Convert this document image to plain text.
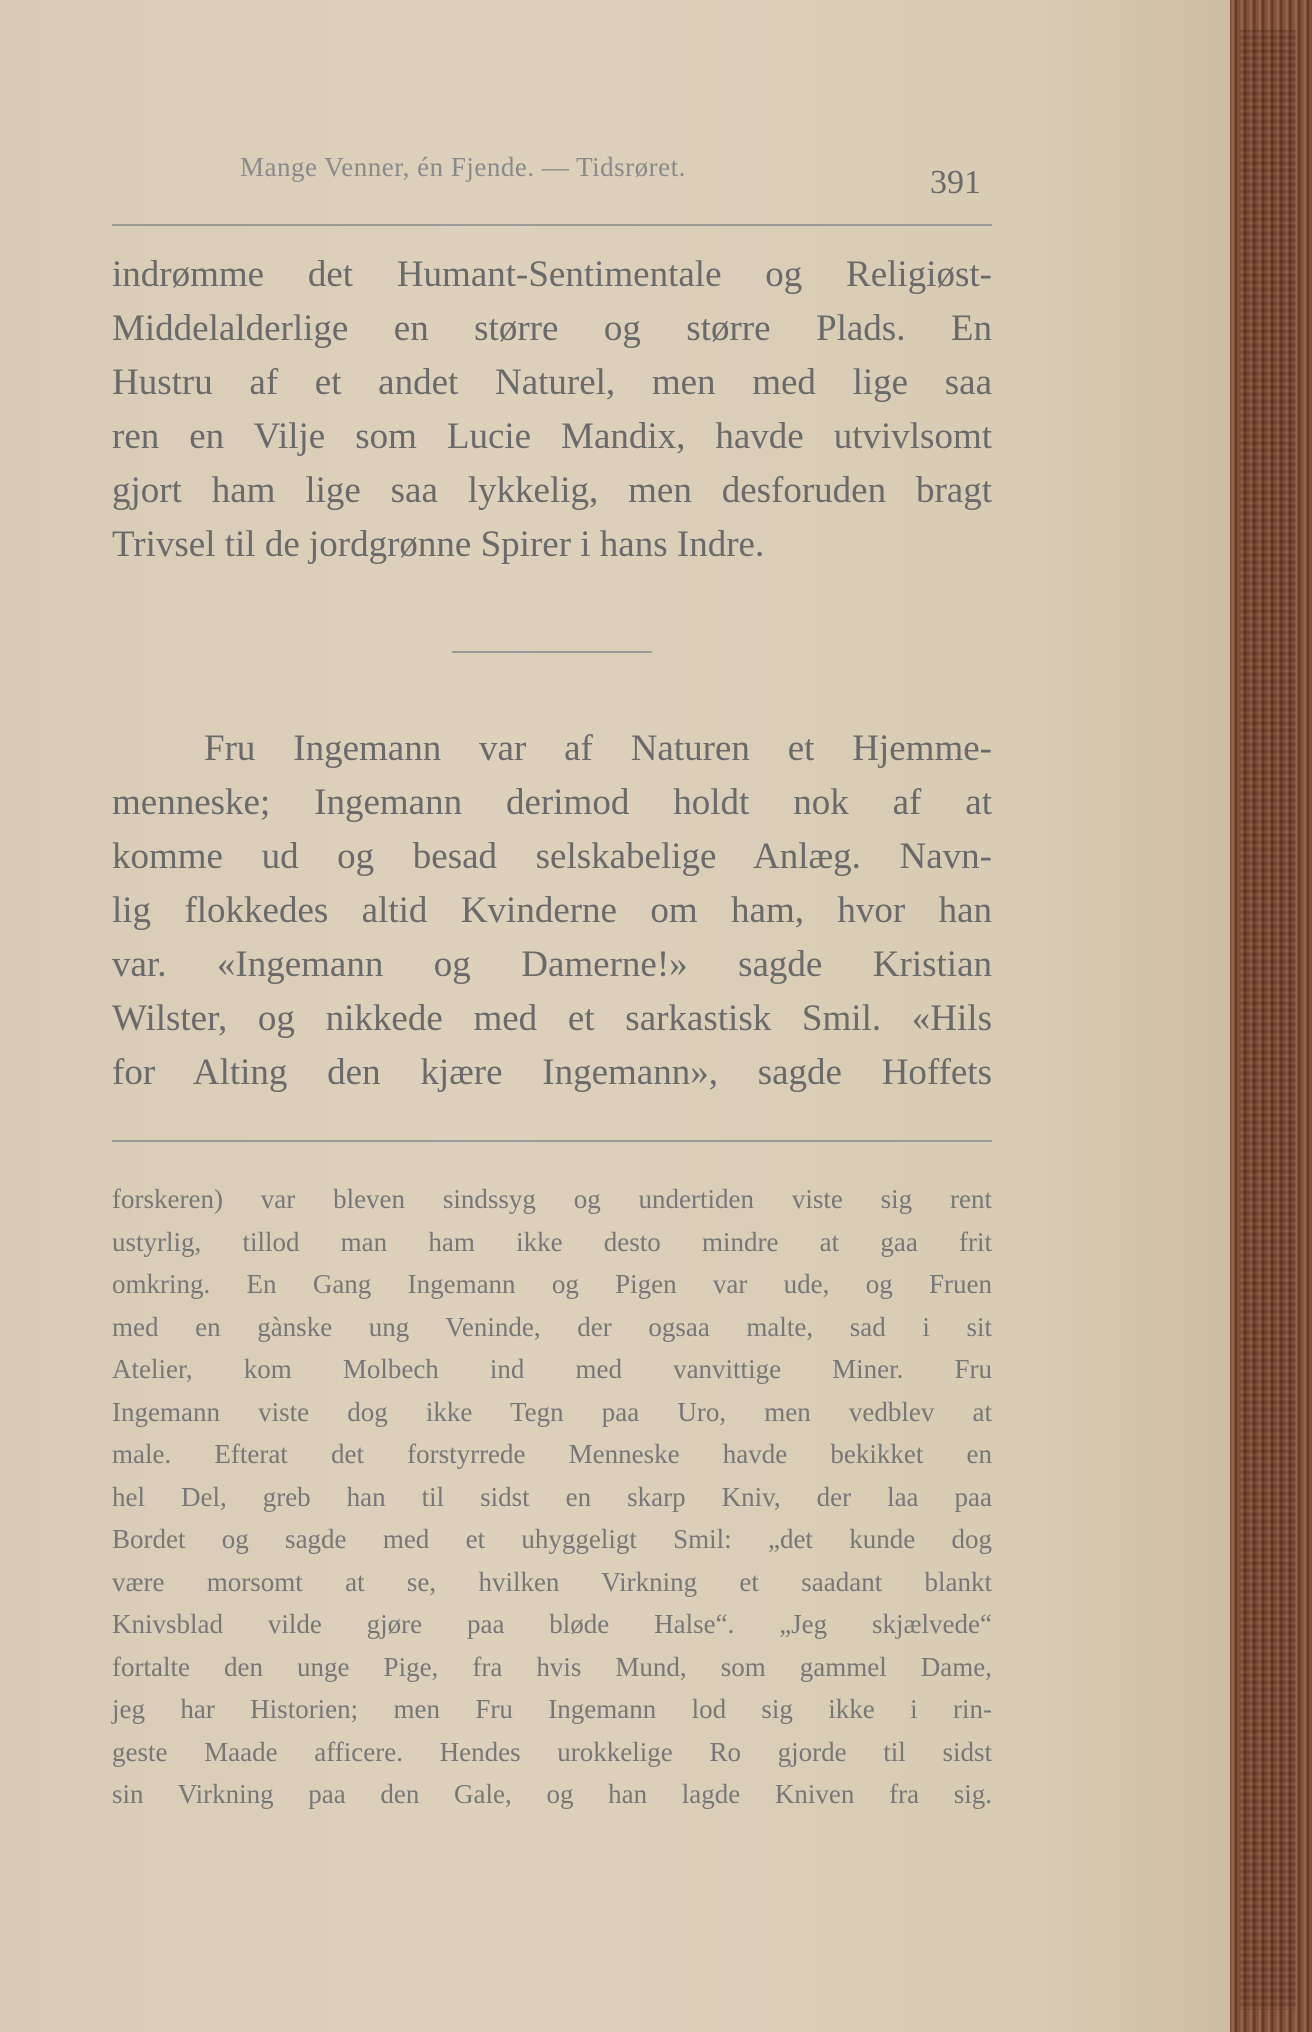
Mange Venner, én Fjende. — Tidsrøret.	391
indrømme det Humant-Sentimentale og Religiøst-
Middelalderlige en større og større Plads. En
Hustru af et andet Naturel, men med lige saa
ren en Vilje som Lucie Mandix, havde utvivlsomt
gjort ham lige saa lykkelig, men desforuden bragt
Trivsel til de jordgrønne Spirer i hans Indre.
Fru Ingemann var af Naturen et Hjemme-
menneske; Ingemann derimod holdt nok af at
komme ud og besad selskabelige Anlæg. Navn-
lig flokkedes altid Kvinderne om ham, hvor han
var. «Ingemann og Damerne!» sagde Kristian
Wilster, og nikkede med et sarkastisk Smil. «Hils
for Alting den kjære Ingemann», sagde Hoffets
forskeren) var bleven sindssyg og undertiden viste sig rent
ustyrlig, tillod man ham ikke desto mindre at gaa frit
omkring. En Gang Ingemann og Pigen var ude, og Fruen
med en gànske ung Veninde, der ogsaa malte, sad i sit
Atelier, kom Molbech ind med vanvittige Miner. Fru
Ingemann viste dog ikke Tegn paa Uro, men vedblev at
male. Efterat det forstyrrede Menneske havde bekikket en
hel Del, greb han til sidst en skarp Kniv, der laa paa
Bordet og sagde med et uhyggeligt Smil: „det kunde dog
være morsomt at se, hvilken Virkning et saadant blankt
Knivsblad vilde gjøre paa bløde Halse“. „Jeg skjælvede“
fortalte den unge Pige, fra hvis Mund, som gammel Dame,
jeg har Historien; men Fru Ingemann lod sig ikke i rin-
geste Maade afficere. Hendes urokkelige Ro gjorde til sidst
sin Virkning paa den Gale, og han lagde Kniven fra sig.
